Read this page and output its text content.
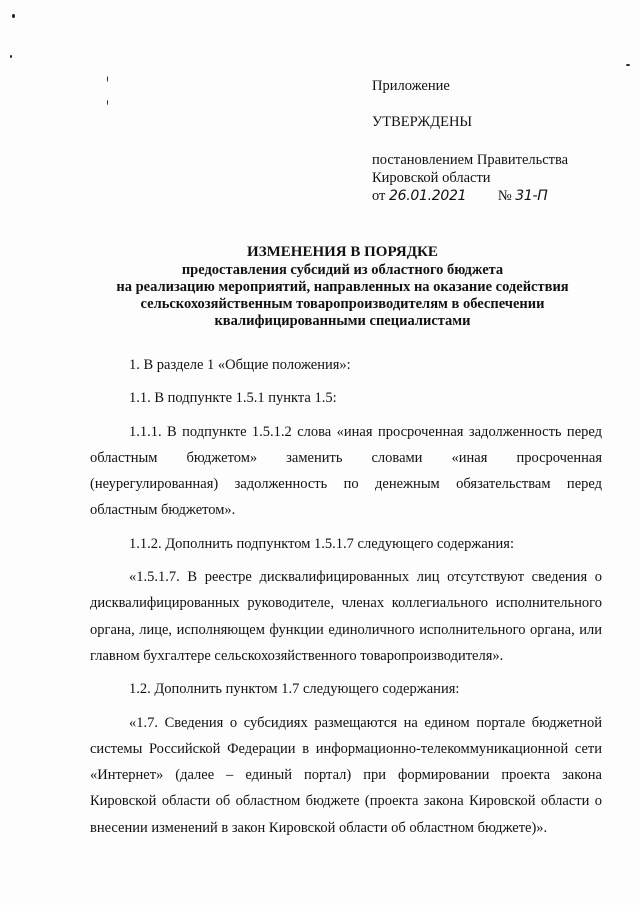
Приложение
УТВЕРЖДЕНЫ
постановлением Правительства
Кировской области
от 26.01.2021 № 31-П
ИЗМЕНЕНИЯ В ПОРЯДКЕ
предоставления субсидий из областного бюджета
на реализацию мероприятий, направленных на оказание содействия
сельскохозяйственным товаропроизводителям в обеспечении
квалифицированными специалистами

1. В разделе 1 «Общие положения»:

1.1. В подпункте 1.5.1 пункта 1.5:

1.1.1. В подпункте 1.5.1.2 слова «иная просроченная задолженность перед областным бюджетом» заменить словами «иная просроченная (неурегулированная) задолженность по денежным обязательствам перед областным бюджетом».

1.1.2. Дополнить подпунктом 1.5.1.7 следующего содержания:

«1.5.1.7. В реестре дисквалифицированных лиц отсутствуют сведения о дисквалифицированных руководителе, членах коллегиального исполнительного органа, лице, исполняющем функции единоличного исполнительного органа, или главном бухгалтере сельскохозяйственного товаропроизводителя».

1.2. Дополнить пунктом 1.7 следующего содержания:

«1.7. Сведения о субсидиях размещаются на едином портале бюджетной системы Российской Федерации в информационно-телекоммуникационной сети «Интернет» (далее – единый портал) при формировании проекта закона Кировской области об областном бюджете (проекта закона Кировской области о внесении изменений в закон Кировской области об областном бюджете)».
